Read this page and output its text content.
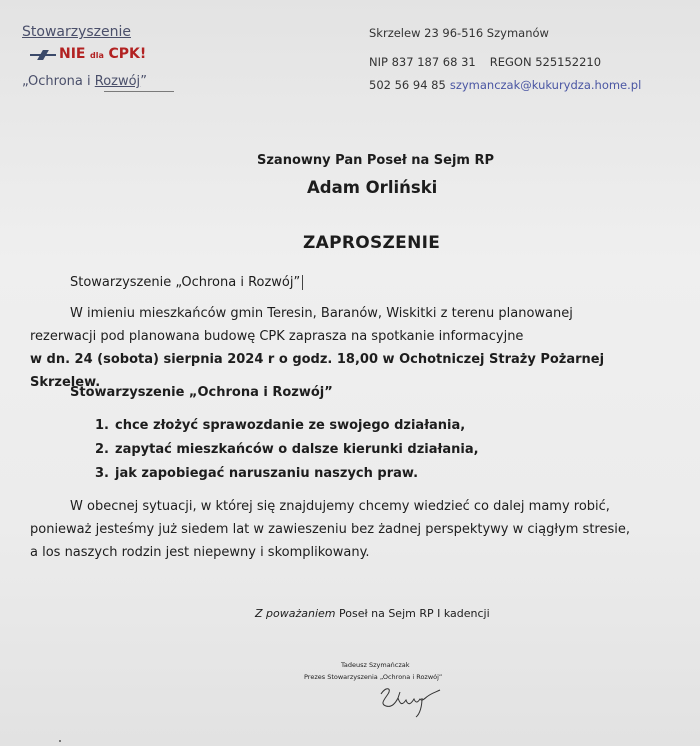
Stowarzyszenie
NIE dla CPK!
„Ochrona i Rozwój”
Skrzelew 23 96-516 Szymanów
NIP 837 187 68 31 REGON 525152210
502 56 94 85 szymanczak@kukurydza.home.pl
Szanowny Pan Poseł na Sejm RP
Adam Orliński
ZAPROSZENIE
Stowarzyszenie „Ochrona i Rozwój”
W imieniu mieszkańców gmin Teresin, Baranów, Wiskitki z terenu planowanej
rezerwacji pod planowana budowę CPK zaprasza na spotkanie informacyjne
w dn. 24 (sobota) sierpnia 2024 r o godz. 18,00 w Ochotniczej Straży Pożarnej Skrzelew.
Stowarzyszenie „Ochrona i Rozwój”
1. chce złożyć sprawozdanie ze swojego działania,
2. zapytać mieszkańców o dalsze kierunki działania,
3. jak zapobiegać naruszaniu naszych praw.
W obecnej sytuacji, w której się znajdujemy chcemy wiedzieć co dalej mamy robić,
ponieważ jesteśmy już siedem lat w zawieszeniu bez żadnej perspektywy w ciągłym stresie,
a los naszych rodzin jest niepewny i skomplikowany.
Z poważaniem Poseł na Sejm RP I kadencji
Tadeusz Szymańczak
Prezes Stowarzyszenia „Ochrona i Rozwój”
